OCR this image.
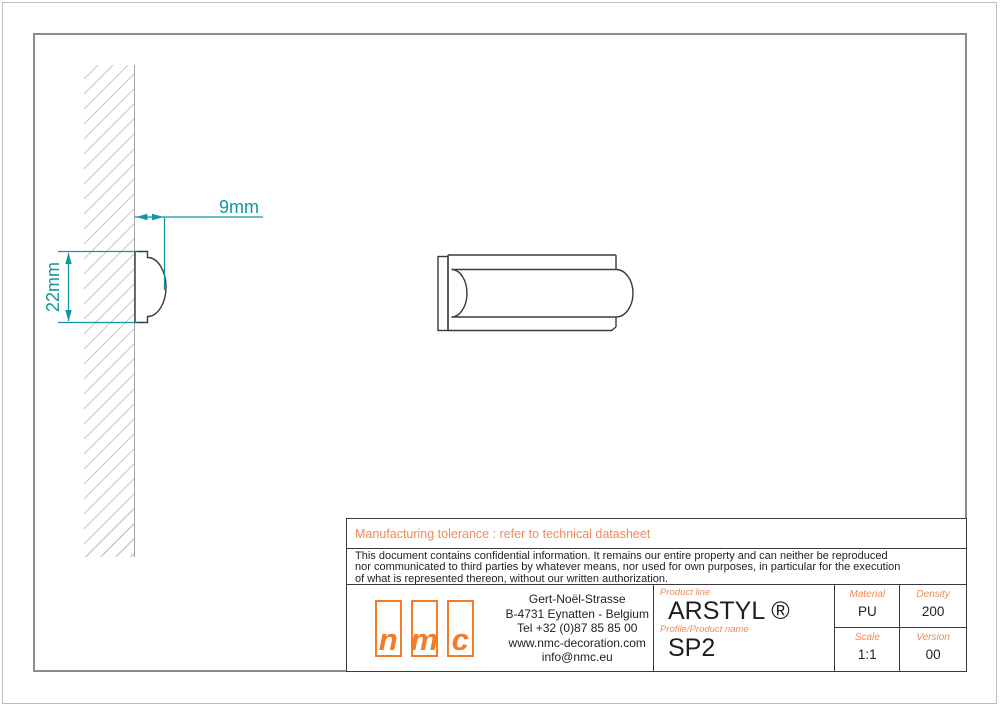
9mm
22mm
Manufacturing tolerance : refer to technical datasheet
This document contains confidential information. It remains our entire property and can neither be reproduced
nor communicated to third parties by whatever means, nor used for own purposes, in particular for the execution
of what is represented thereon, without our written authorization.
n m c
Gert-Noël-Strasse
B-4731 Eynatten - Belgium
Tel +32 (0)87 85 85 00
www.nmc-decoration.com
info@nmc.eu
Product line
ARSTYL ®
Profile/Product name
SP2
Material
PU
Scale
1:1
Density
200
Version
00
